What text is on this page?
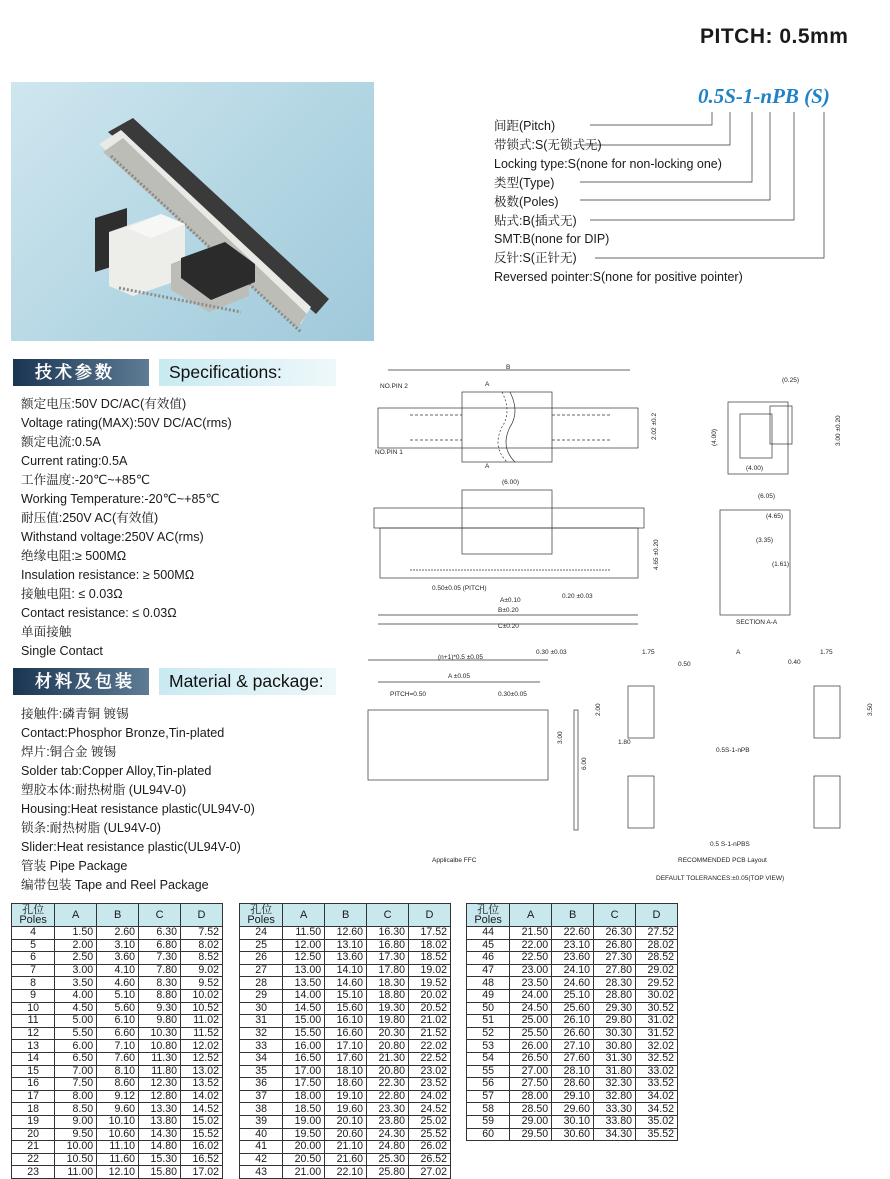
PITCH: 0.5mm
0.5S-1-nPB (S)
间距(Pitch)
带锁式:S(无锁式无)
Locking type:S(none for non-locking one)
类型(Type)
极数(Poles)
贴式:B(插式无)
SMT:B(none for DIP)
反针:S(正针无)
Reversed pointer:S(none for positive pointer)
技术参数	Specifications:
额定电压:50V DC/AC(有效值)
Voltage rating(MAX):50V DC/AC(rms)
额定电流:0.5A
Current rating:0.5A
工作温度:-20℃~+85℃
Working Temperature:-20℃~+85℃
耐压值:250V AC(有效值)
Withstand voltage:250V AC(rms)
绝缘电阻:≥ 500MΩ
Insulation resistance: ≥ 500MΩ
接触电阻: ≤ 0.03Ω
Contact resistance: ≤ 0.03Ω
单面接触
Single Contact
材料及包装	Material & package:
接触件:磷青铜 镀锡
Contact:Phosphor Bronze,Tin-plated
焊片:铜合金 镀锡
Solder tab:Copper Alloy,Tin-plated
塑胶本体:耐热树脂 (UL94V-0)
Housing:Heat resistance plastic(UL94V-0)
锁条:耐热树脂 (UL94V-0)
Slider:Heat resistance plastic(UL94V-0)
管装 Pipe Package
编带包装 Tape and Reel Package
B
A
A
NO.PIN 2
NO.PIN 1
2.02 ±0.2
(0.25)
(4.00)
(4.00)	3.00 ±0.20
(6.00)
4.65 ±0.20
0.50±0.05 (PITCH)
A±0.10
0.20 ±0.03
B±0.20
C±0.20
(6.05)
(4.65)
(3.35)
(1.61)
SECTION A-A
(n+1)*0.5 ±0.05
A ±0.05
PITCH=0.50	0.30±0.05
0.30 ±0.03
3.00
6.00
Applicalbe FFC
1.75	1.75
0.50
A
0.40
2.00	3.50
1.80
0.5S-1-nPB
0.5 S-1-nPBS
RECOMMENDED PCB Layout
DEFAULT TOLERANCES:±0.05(TOP VIEW)
孔位
Poles	A	B	C	D
4	1.50	2.60	6.30	7.52
5	2.00	3.10	6.80	8.02
6	2.50	3.60	7.30	8.52
7	3.00	4.10	7.80	9.02
8	3.50	4.60	8.30	9.52
9	4.00	5.10	8.80	10.02
10	4.50	5.60	9.30	10.52
11	5.00	6.10	9.80	11.02
12	5.50	6.60	10.30	11.52
13	6.00	7.10	10.80	12.02
14	6.50	7.60	11.30	12.52
15	7.00	8.10	11.80	13.02
16	7.50	8.60	12.30	13.52
17	8.00	9.12	12.80	14.02
18	8.50	9.60	13.30	14.52
19	9.00	10.10	13.80	15.02
20	9.50	10.60	14.30	15.52
21	10.00	11.10	14.80	16.02
22	10.50	11.60	15.30	16.52
23	11.00	12.10	15.80	17.02
孔位
Poles	A	B	C	D
24	11.50	12.60	16.30	17.52
25	12.00	13.10	16.80	18.02
26	12.50	13.60	17.30	18.52
27	13.00	14.10	17.80	19.02
28	13.50	14.60	18.30	19.52
29	14.00	15.10	18.80	20.02
30	14.50	15.60	19.30	20.52
31	15.00	16.10	19.80	21.02
32	15.50	16.60	20.30	21.52
33	16.00	17.10	20.80	22.02
34	16.50	17.60	21.30	22.52
35	17.00	18.10	20.80	23.02
36	17.50	18.60	22.30	23.52
37	18.00	19.10	22.80	24.02
38	18.50	19.60	23.30	24.52
39	19.00	20.10	23.80	25.02
40	19.50	20.60	24.30	25.52
41	20.00	21.10	24.80	26.02
42	20.50	21.60	25.30	26.52
43	21.00	22.10	25.80	27.02
孔位
Poles	A	B	C	D
44	21.50	22.60	26.30	27.52
45	22.00	23.10	26.80	28.02
46	22.50	23.60	27.30	28.52
47	23.00	24.10	27.80	29.02
48	23.50	24.60	28.30	29.52
49	24.00	25.10	28.80	30.02
50	24.50	25.60	29.30	30.52
51	25.00	26.10	29.80	31.02
52	25.50	26.60	30.30	31.52
53	26.00	27.10	30.80	32.02
54	26.50	27.60	31.30	32.52
55	27.00	28.10	31.80	33.02
56	27.50	28.60	32.30	33.52
57	28.00	29.10	32.80	34.02
58	28.50	29.60	33.30	34.52
59	29.00	30.10	33.80	35.02
60	29.50	30.60	34.30	35.52
